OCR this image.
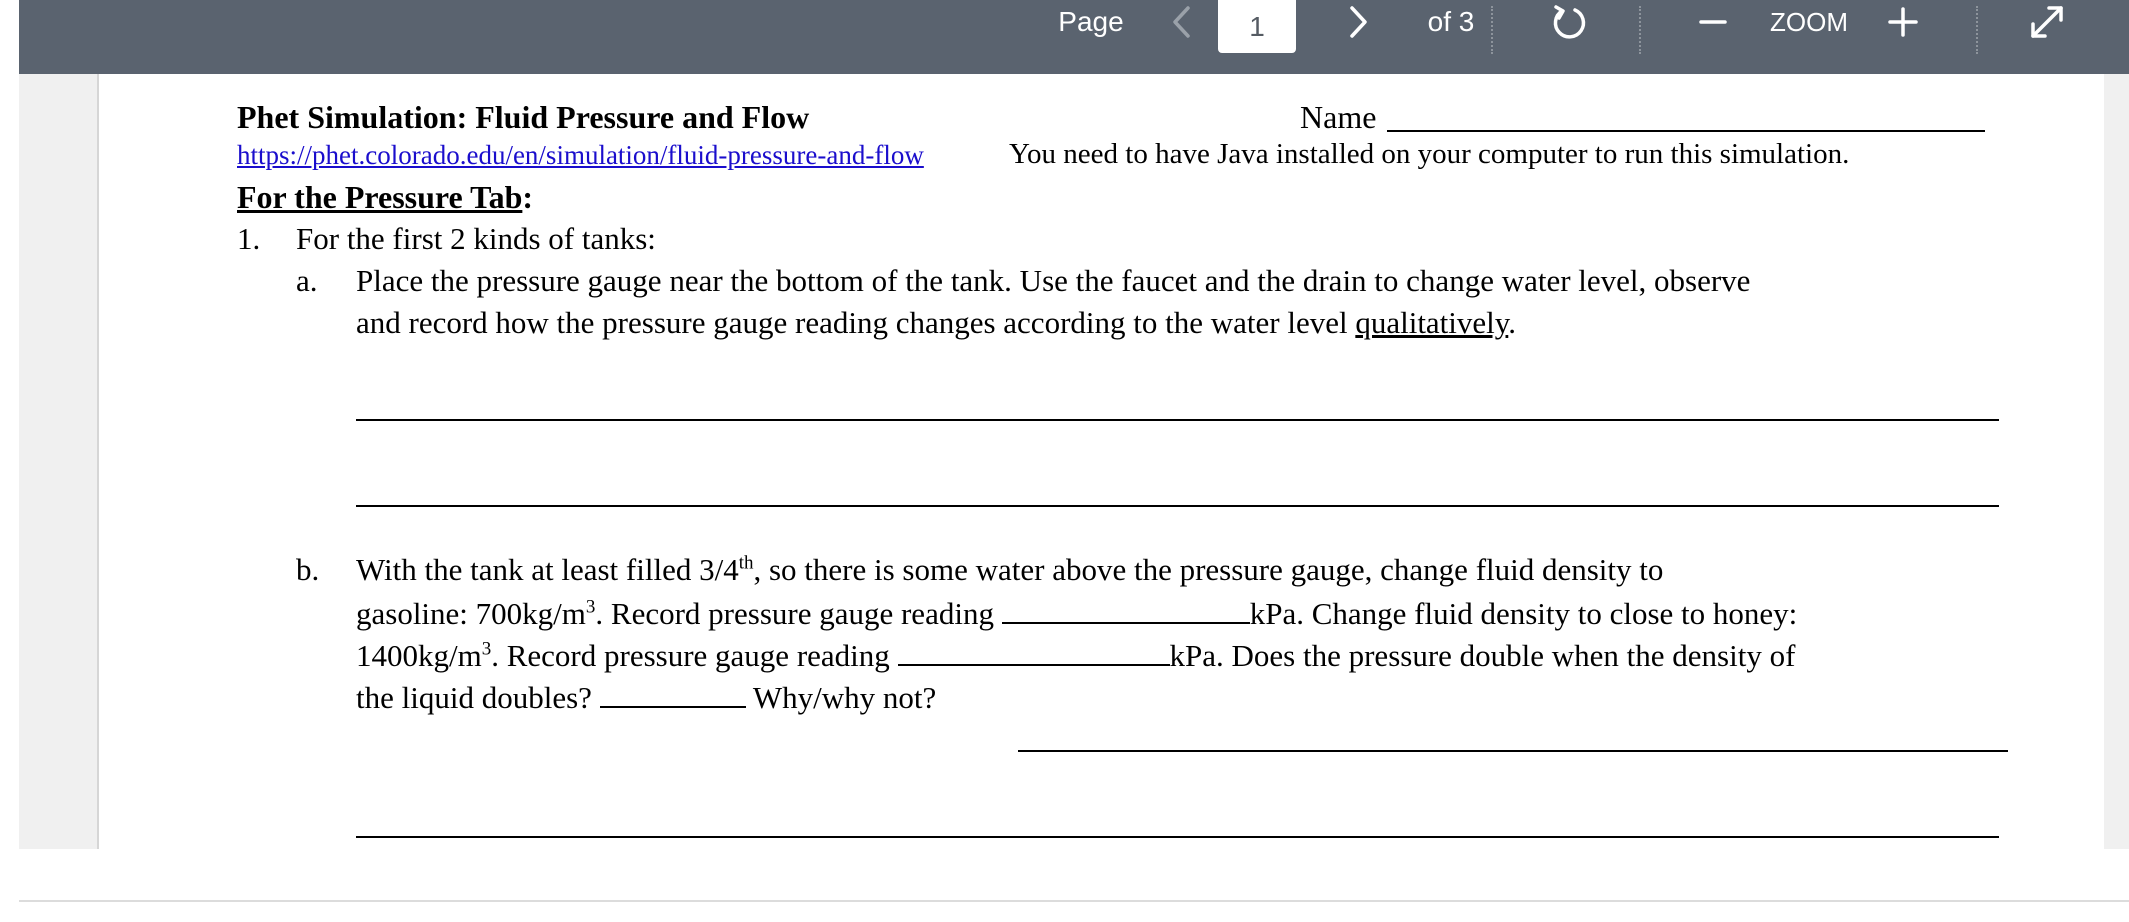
Page
1	of 3	ZOOM
Phet Simulation: Fluid Pressure and Flow	Name
https://phet.colorado.edu/en/simulation/fluid-pressure-and-flow	You need to have Java installed on your computer to run this simulation.
For the Pressure Tab:
1. For the first 2 kinds of tanks:
a. Place the pressure gauge near the bottom of the tank. Use the faucet and the drain to change water level, observe
and record how the pressure gauge reading changes according to the water level qualitatively.
b. With the tank at least filled 3/4th, so there is some water above the pressure gauge, change fluid density to
gasoline: $700kg/m^3$. Record pressure gauge reading	kPa. Change fluid density to close to honey:
$1400kg/m^3$. Record pressure gauge reading	kPa. Does the pressure double when the density of
the liquid doubles?	Why/why not?
